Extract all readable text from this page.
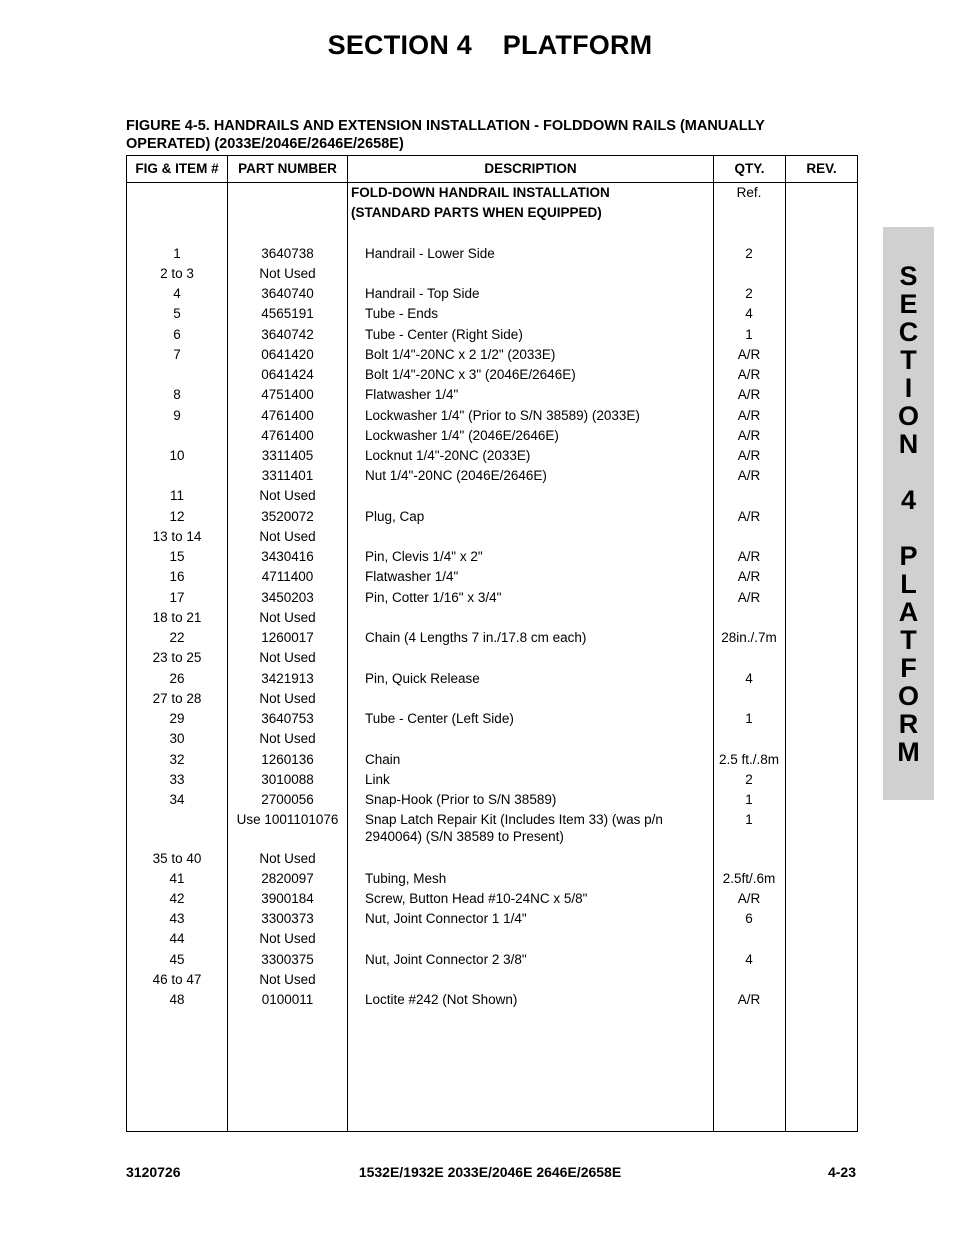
SECTION 4    PLATFORM
FIGURE 4-5. HANDRAILS AND EXTENSION INSTALLATION - FOLDDOWN RAILS (MANUALLY
OPERATED) (2033E/2046E/2646E/2658E)
FIG & ITEM #	PART NUMBER	DESCRIPTION	QTY.	REV.
FOLD-DOWN HANDRAIL INSTALLATION	Ref.
(STANDARD PARTS WHEN EQUIPPED)
1	3640738	Handrail - Lower Side	2
2 to 3	Not Used
4	3640740	Handrail - Top Side	2
5	4565191	Tube - Ends	4
6	3640742	Tube - Center (Right Side)	1
7	0641420	Bolt 1/4"-20NC x 2 1/2" (2033E)	A/R
0641424	Bolt 1/4"-20NC x 3" (2046E/2646E)	A/R
8	4751400	Flatwasher 1/4"	A/R
9	4761400	Lockwasher 1/4" (Prior to S/N 38589) (2033E)	A/R
4761400	Lockwasher 1/4" (2046E/2646E)	A/R
10	3311405	Locknut 1/4"-20NC (2033E)	A/R
3311401	Nut 1/4"-20NC (2046E/2646E)	A/R
11	Not Used
12	3520072	Plug, Cap	A/R
13 to 14	Not Used
15	3430416	Pin, Clevis 1/4" x 2"	A/R
16	4711400	Flatwasher 1/4"	A/R
17	3450203	Pin, Cotter 1/16" x 3/4"	A/R
18 to 21	Not Used
22	1260017	Chain (4 Lengths 7 in./17.8 cm each)	28in./.7m
23 to 25	Not Used
26	3421913	Pin, Quick Release	4
27 to 28	Not Used
29	3640753	Tube - Center (Left Side)	1
30	Not Used
32	1260136	Chain	2.5 ft./.8m
33	3010088	Link	2
34	2700056	Snap-Hook (Prior to S/N 38589)	1
Use 1001101076	Snap Latch Repair Kit (Includes Item 33) (was p/n	1
2940064) (S/N 38589 to Present)
35 to 40	Not Used
41	2820097	Tubing, Mesh	2.5ft/.6m
42	3900184	Screw, Button Head #10-24NC x 5/8"	A/R
43	3300373	Nut, Joint Connector 1 1/4"	6
44	Not Used
45	3300375	Nut, Joint Connector 2 3/8"	4
46 to 47	Not Used
48	0100011	Loctite #242 (Not Shown)	A/R
3120726	1532E/1932E 2033E/2046E 2646E/2658E	4-23
S
E
C
T
I
O
N
4
P
L
A
T
F
O
R
M
